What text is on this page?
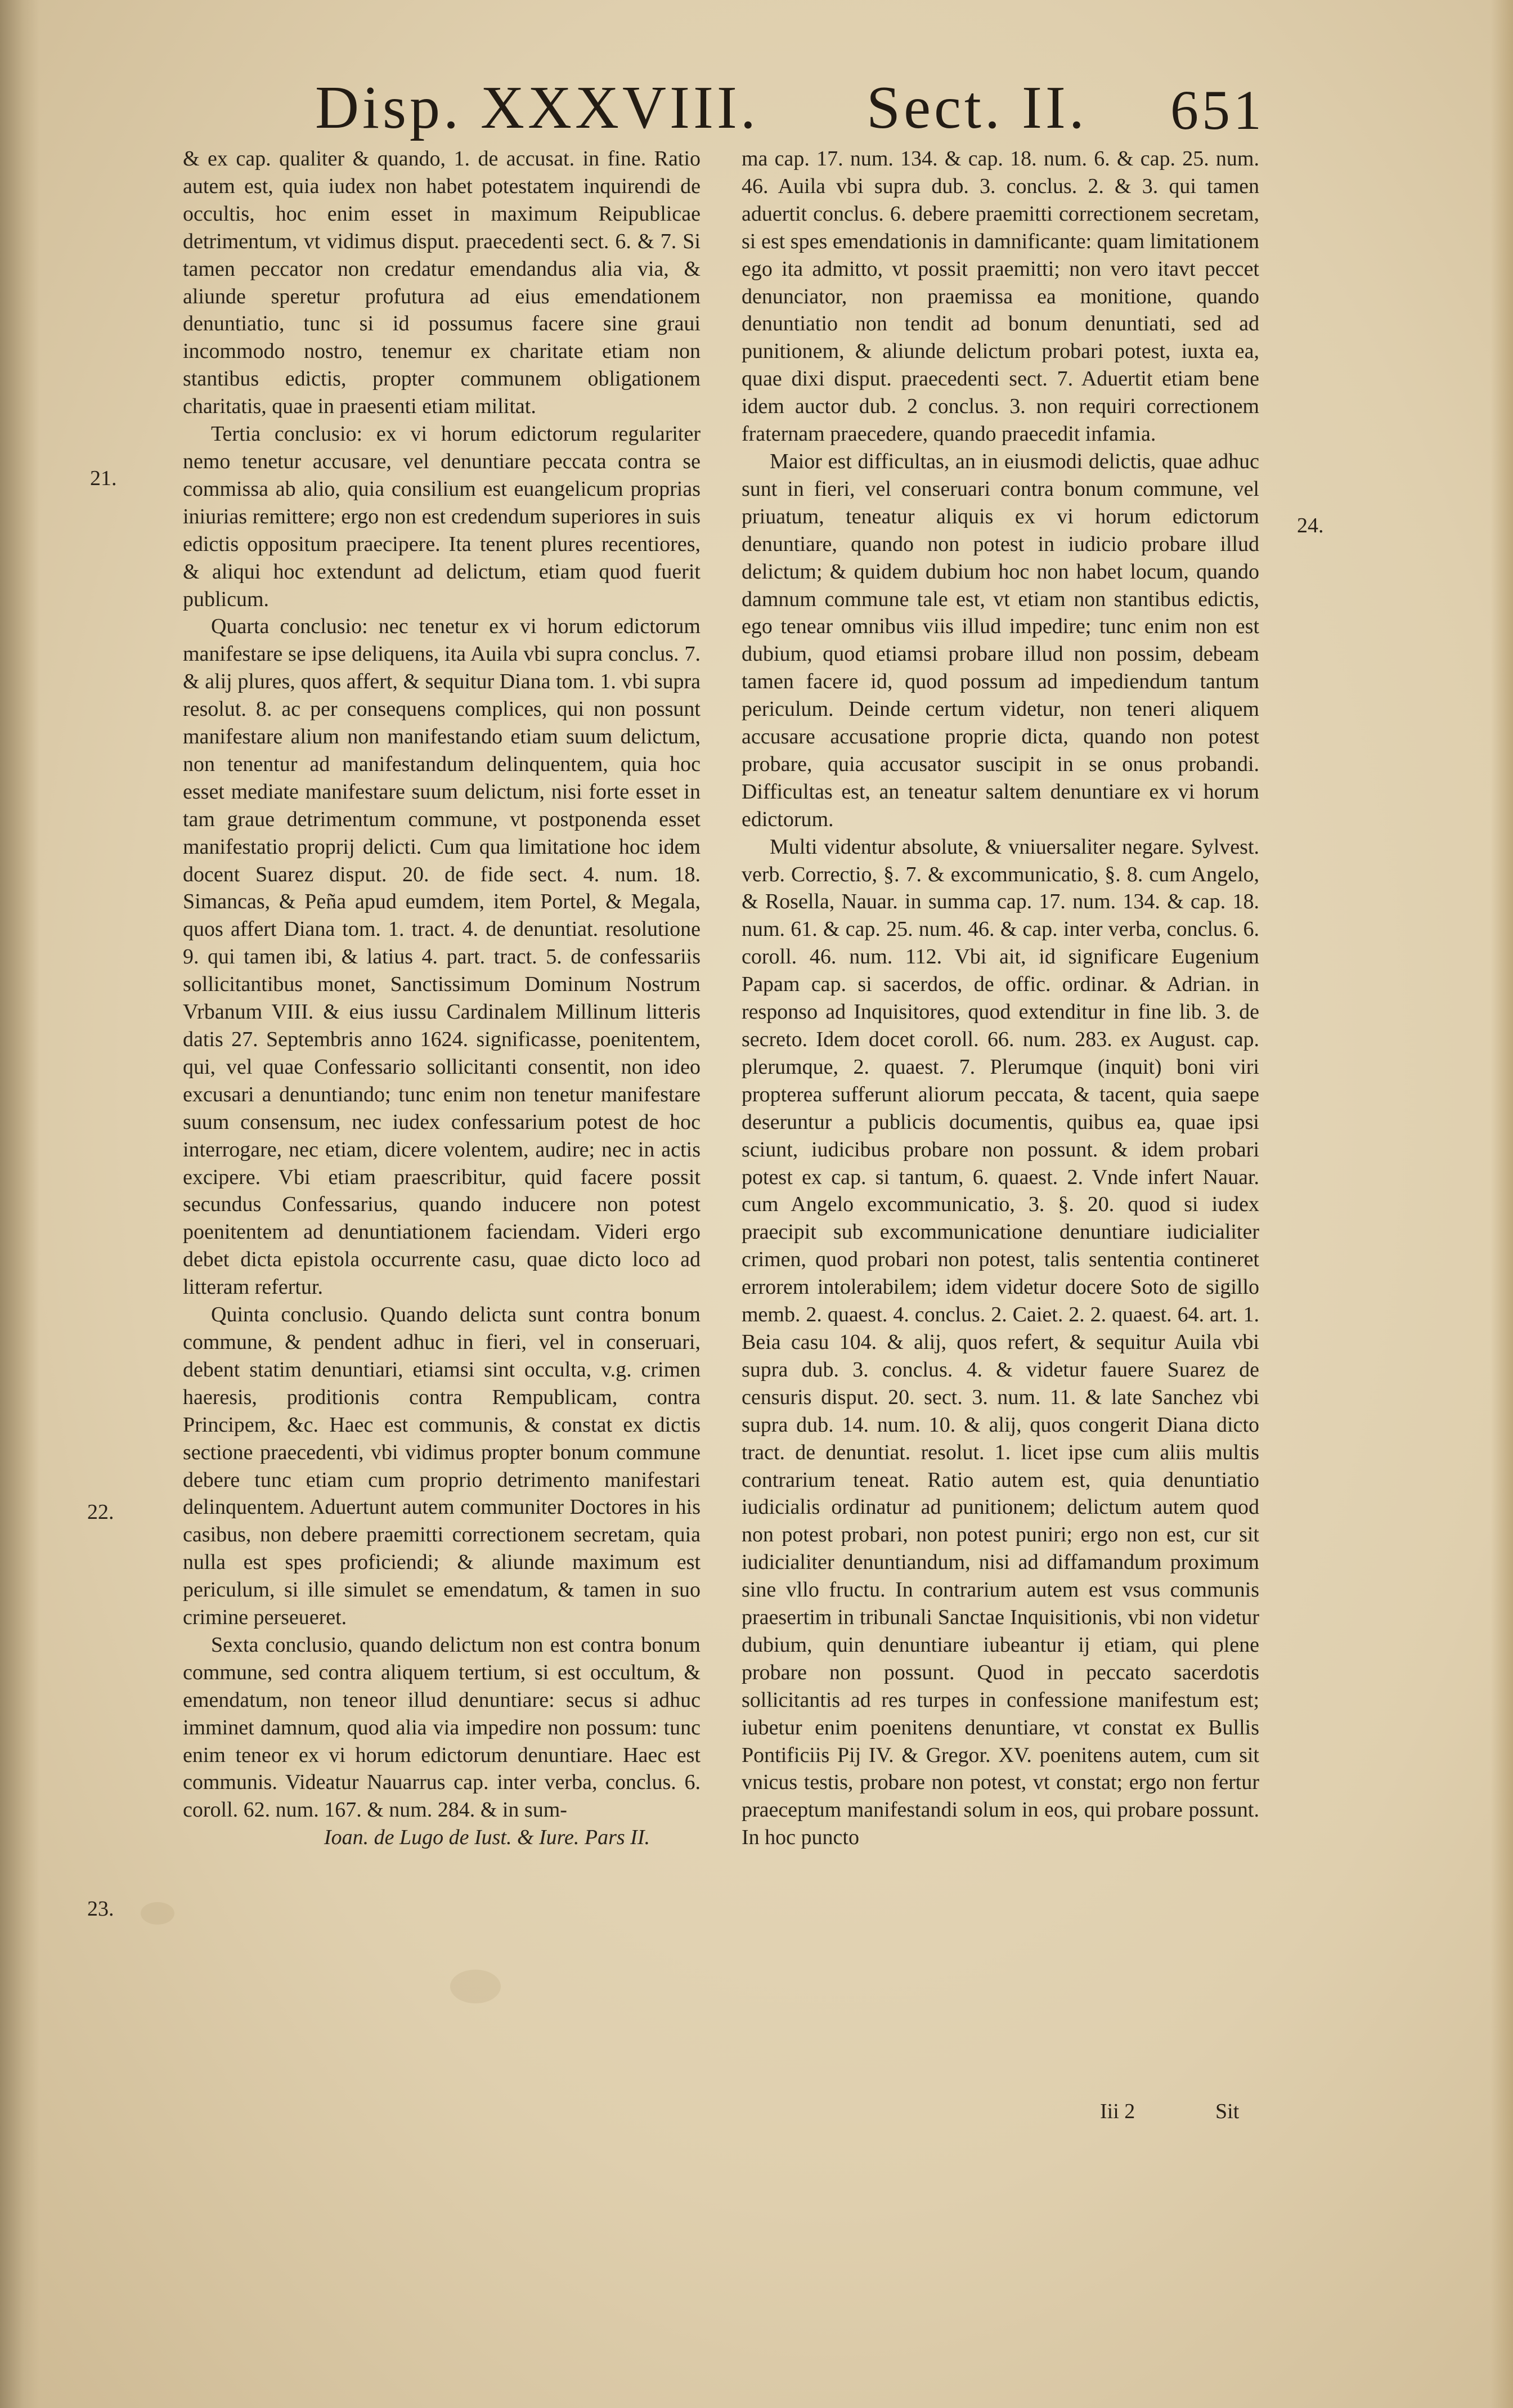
Disp. XXXVIII. Sect. II. 651
21.
22.
23.
24.

& ex cap. qualiter & quando, 1. de accusat. in fine. Ratio autem est, quia iudex non habet potestatem inquirendi de occultis, hoc enim esset in maximum Reipublicae detrimentum, vt vidimus disput. praecedenti sect. 6. & 7. Si tamen peccator non credatur emendandus alia via, & aliunde speretur profutura ad eius emendationem denuntiatio, tunc si id possumus facere sine graui incommodo nostro, tenemur ex charitate etiam non stantibus edictis, propter communem obligationem charitatis, quae in praesenti etiam militat.

Tertia conclusio: ex vi horum edictorum regulariter nemo tenetur accusare, vel denuntiare peccata contra se commissa ab alio, quia consilium est euangelicum proprias iniurias remittere; ergo non est credendum superiores in suis edictis oppositum praecipere. Ita tenent plures recentiores, & aliqui hoc extendunt ad delictum, etiam quod fuerit publicum.

Quarta conclusio: nec tenetur ex vi horum edictorum manifestare se ipse deliquens, ita Auila vbi supra conclus. 7. & alij plures, quos affert, & sequitur Diana tom. 1. vbi supra resolut. 8. ac per consequens complices, qui non possunt manifestare alium non manifestando etiam suum delictum, non tenentur ad manifestandum delinquentem, quia hoc esset mediate manifestare suum delictum, nisi forte esset in tam graue detrimentum commune, vt postponenda esset manifestatio proprij delicti. Cum qua limitatione hoc idem docent Suarez disput. 20. de fide sect. 4. num. 18. Simancas, & Peña apud eumdem, item Portel, & Megala, quos affert Diana tom. 1. tract. 4. de denuntiat. resolutione 9. qui tamen ibi, & latius 4. part. tract. 5. de confessariis sollicitantibus monet, Sanctissimum Dominum Nostrum Vrbanum VIII. & eius iussu Cardinalem Millinum litteris datis 27. Septembris anno 1624. significasse, poenitentem, qui, vel quae Confessario sollicitanti consentit, non ideo excusari a denuntiando; tunc enim non tenetur manifestare suum consensum, nec iudex confessarium potest de hoc interrogare, nec etiam, dicere volentem, audire; nec in actis excipere. Vbi etiam praescribitur, quid facere possit secundus Confessarius, quando inducere non potest poenitentem ad denuntiationem faciendam. Videri ergo debet dicta epistola occurrente casu, quae dicto loco ad litteram refertur.

Quinta conclusio. Quando delicta sunt contra bonum commune, & pendent adhuc in fieri, vel in conseruari, debent statim denuntiari, etiamsi sint occulta, v.g. crimen haeresis, proditionis contra Rempublicam, contra Principem, &c. Haec est communis, & constat ex dictis sectione praecedenti, vbi vidimus propter bonum commune debere tunc etiam cum proprio detrimento manifestari delinquentem. Aduertunt autem communiter Doctores in his casibus, non debere praemitti correctionem secretam, quia nulla est spes proficiendi; & aliunde maximum est periculum, si ille simulet se emendatum, & tamen in suo crimine perseueret.

Sexta conclusio, quando delictum non est contra bonum commune, sed contra aliquem tertium, si est occultum, & emendatum, non teneor illud denuntiare: secus si adhuc imminet damnum, quod alia via impedire non possum: tunc enim teneor ex vi horum edictorum denuntiare. Haec est communis. Videatur Nauarrus cap. inter verba, conclus. 6. coroll. 62. num. 167. & num. 284. & in sum-

Ioan. de Lugo de Iust. & Iure. Pars II.

ma cap. 17. num. 134. & cap. 18. num. 6. & cap. 25. num. 46. Auila vbi supra dub. 3. conclus. 2. & 3. qui tamen aduertit conclus. 6. debere praemitti correctionem secretam, si est spes emendationis in damnificante: quam limitationem ego ita admitto, vt possit praemitti; non vero itavt peccet denunciator, non praemissa ea monitione, quando denuntiatio non tendit ad bonum denuntiati, sed ad punitionem, & aliunde delictum probari potest, iuxta ea, quae dixi disput. praecedenti sect. 7. Aduertit etiam bene idem auctor dub. 2 conclus. 3. non requiri correctionem fraternam praecedere, quando praecedit infamia.

Maior est difficultas, an in eiusmodi delictis, quae adhuc sunt in fieri, vel conseruari contra bonum commune, vel priuatum, teneatur aliquis ex vi horum edictorum denuntiare, quando non potest in iudicio probare illud delictum; & quidem dubium hoc non habet locum, quando damnum commune tale est, vt etiam non stantibus edictis, ego tenear omnibus viis illud impedire; tunc enim non est dubium, quod etiamsi probare illud non possim, debeam tamen facere id, quod possum ad impediendum tantum periculum. Deinde certum videtur, non teneri aliquem accusare accusatione proprie dicta, quando non potest probare, quia accusator suscipit in se onus probandi. Difficultas est, an teneatur saltem denuntiare ex vi horum edictorum.

Multi videntur absolute, & vniuersaliter negare. Sylvest. verb. Correctio, §. 7. & excommunicatio, §. 8. cum Angelo, & Rosella, Nauar. in summa cap. 17. num. 134. & cap. 18. num. 61. & cap. 25. num. 46. & cap. inter verba, conclus. 6. coroll. 46. num. 112. Vbi ait, id significare Eugenium Papam cap. si sacerdos, de offic. ordinar. & Adrian. in responso ad Inquisitores, quod extenditur in fine lib. 3. de secreto. Idem docet coroll. 66. num. 283. ex August. cap. plerumque, 2. quaest. 7. Plerumque (inquit) boni viri propterea sufferunt aliorum peccata, & tacent, quia saepe deseruntur a publicis documentis, quibus ea, quae ipsi sciunt, iudicibus probare non possunt. & idem probari potest ex cap. si tantum, 6. quaest. 2. Vnde infert Nauar. cum Angelo excommunicatio, 3. §. 20. quod si iudex praecipit sub excommunicatione denuntiare iudicialiter crimen, quod probari non potest, talis sententia contineret errorem intolerabilem; idem videtur docere Soto de sigillo memb. 2. quaest. 4. conclus. 2. Caiet. 2. 2. quaest. 64. art. 1. Beia casu 104. & alij, quos refert, & sequitur Auila vbi supra dub. 3. conclus. 4. & videtur fauere Suarez de censuris disput. 20. sect. 3. num. 11. & late Sanchez vbi supra dub. 14. num. 10. & alij, quos congerit Diana dicto tract. de denuntiat. resolut. 1. licet ipse cum aliis multis contrarium teneat. Ratio autem est, quia denuntiatio iudicialis ordinatur ad punitionem; delictum autem quod non potest probari, non potest puniri; ergo non est, cur sit iudicialiter denuntiandum, nisi ad diffamandum proximum sine vllo fructu. In contrarium autem est vsus communis praesertim in tribunali Sanctae Inquisitionis, vbi non videtur dubium, quin denuntiare iubeantur ij etiam, qui plene probare non possunt. Quod in peccato sacerdotis sollicitantis ad res turpes in confessione manifestum est; iubetur enim poenitens denuntiare, vt constat ex Bullis Pontificiis Pij IV. & Gregor. XV. poenitens autem, cum sit vnicus testis, probare non potest, vt constat; ergo non fertur praeceptum manifestandi solum in eos, qui probare possunt. In hoc puncto

Iii 2	Sit
